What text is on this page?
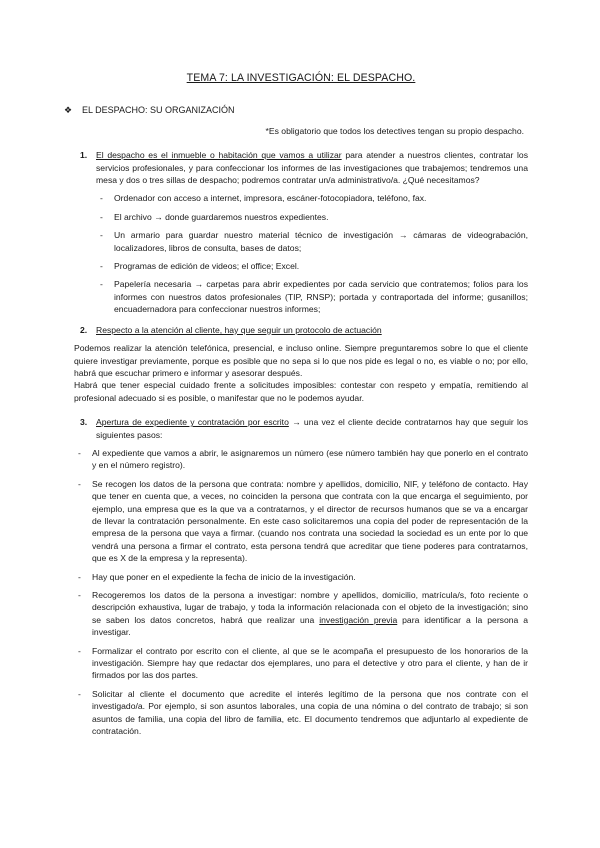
TEMA 7: LA INVESTIGACIÓN: EL DESPACHO.
❖	EL DESPACHO: SU ORGANIZACIÓN
*Es obligatorio que todos los detectives tengan su propio despacho.
1.	El despacho es el inmueble o habitación que vamos a utilizar para atender a nuestros clientes, contratar los servicios profesionales, y para confeccionar los informes de las investigaciones que trabajemos; tendremos una mesa y dos o tres sillas de despacho; podremos contratar un/a administrativo/a. ¿Qué necesitamos?
-	Ordenador con acceso a internet, impresora, escáner-fotocopiadora, teléfono, fax.
-	El archivo → donde guardaremos nuestros expedientes.
-	Un armario para guardar nuestro material técnico de investigación → cámaras de videograbación, localizadores, libros de consulta, bases de datos;
-	Programas de edición de videos; el office; Excel.
-	Papelería necesaria → carpetas para abrir expedientes por cada servicio que contratemos; folios para los informes con nuestros datos profesionales (TIP, RNSP); portada y contraportada del informe; gusanillos; encuadernadora para confeccionar nuestros informes;
2.	Respecto a la atención al cliente, hay que seguir un protocolo de actuación

Podemos realizar la atención telefónica, presencial, e incluso online. Siempre preguntaremos sobre lo que el cliente quiere investigar previamente, porque es posible que no sepa si lo que nos pide es legal o no, es viable o no; por ello, habrá que escuchar primero e informar y asesorar después.

Habrá que tener especial cuidado frente a solicitudes imposibles: contestar con respeto y empatía, remitiendo al profesional adecuado si es posible, o manifestar que no le podemos ayudar.

3.	Apertura de expediente y contratación por escrito → una vez el cliente decide contratarnos hay que seguir los siguientes pasos:
-	Al expediente que vamos a abrir, le asignaremos un número (ese número también hay que ponerlo en el contrato y en el número registro).
-	Se recogen los datos de la persona que contrata: nombre y apellidos, domicilio, NIF, y teléfono de contacto. Hay que tener en cuenta que, a veces, no coinciden la persona que contrata con la que encarga el seguimiento, por ejemplo, una empresa que es la que va a contratarnos, y el director de recursos humanos que se va a encargar de llevar la contratación personalmente. En este caso solicitaremos una copia del poder de representación de la empresa de la persona que vaya a firmar. (cuando nos contrata una sociedad la sociedad es un ente por lo que vendrá una persona a firmar el contrato, esta persona tendrá que acreditar que tiene poderes para contratarnos, que es X de la empresa y la representa).
-	Hay que poner en el expediente la fecha de inicio de la investigación.
-	Recogeremos los datos de la persona a investigar: nombre y apellidos, domicilio, matrícula/s, foto reciente o descripción exhaustiva, lugar de trabajo, y toda la información relacionada con el objeto de la investigación; sino se saben los datos concretos, habrá que realizar una investigación previa para identificar a la persona a investigar.
-	Formalizar el contrato por escrito con el cliente, al que se le acompaña el presupuesto de los honorarios de la investigación. Siempre hay que redactar dos ejemplares, uno para el detective y otro para el cliente, y han de ir firmados por las dos partes.
-	Solicitar al cliente el documento que acredite el interés legítimo de la persona que nos contrate con el investigado/a. Por ejemplo, si son asuntos laborales, una copia de una nómina o del contrato de trabajo; si son asuntos de familia, una copia del libro de familia, etc. El documento tendremos que adjuntarlo al expediente de contratación.
